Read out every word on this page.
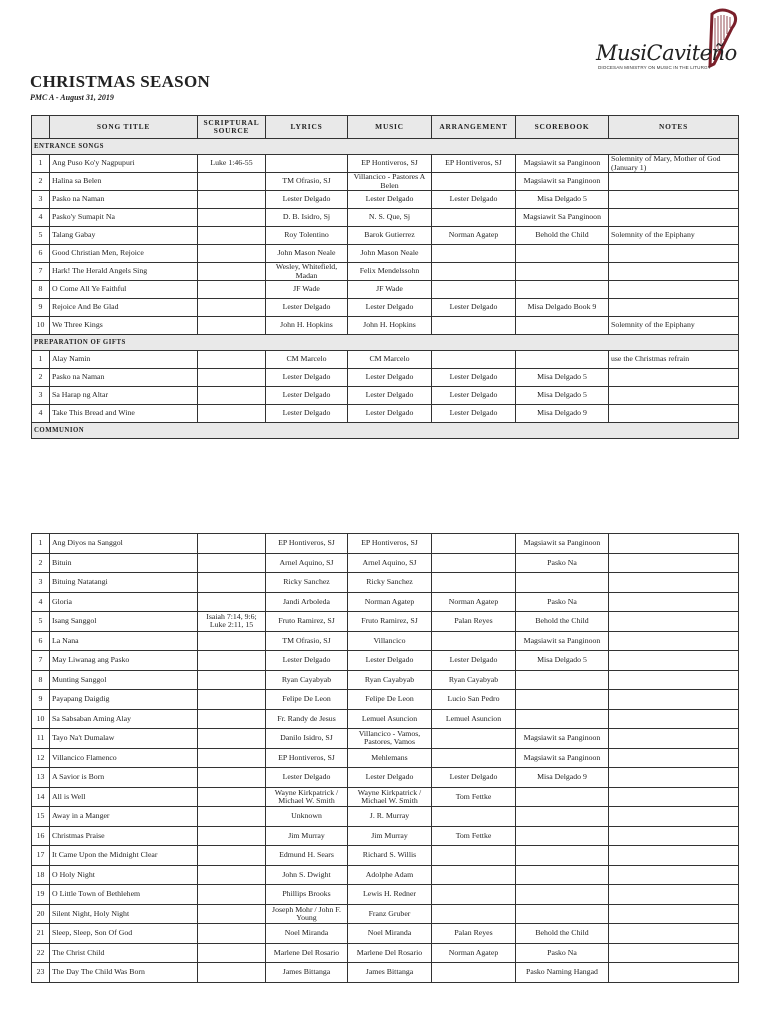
MusiCaviteño
DIOCESAN MINISTRY ON MUSIC IN THE LITURGY
CHRISTMAS SEASON
PMC A - August 31, 2019
	SONG TITLE	SCRIPTURAL SOURCE	LYRICS	MUSIC	ARRANGEMENT	SCOREBOOK	NOTES
ENTRANCE SONGS							
1	Ang Puso Ko'y Nagpupuri	Luke 1:46-55		EP Hontiveros, SJ	EP Hontiveros, SJ	Magsiawit sa Panginoon	Solemnity of Mary, Mother of God (January 1)
2	Halina sa Belen		TM Ofrasio, SJ	Villancico - Pastores A Belen		Magsiawit sa Panginoon	
3	Pasko na Naman		Lester Delgado	Lester Delgado	Lester Delgado	Misa Delgado 5	
4	Pasko'y Sumapit Na		D. B. Isidro, Sj	N. S. Que, Sj		Magsiawit Sa Panginoon	
5	Talang Gabay		Roy Tolentino	Barok Gutierrez	Norman Agatep	Behold the Child	Solemnity of the Epiphany
6	Good Christian Men, Rejoice		John Mason Neale	John Mason Neale			
7	Hark! The Herald Angels Sing		Wesley, Whitefield, Madan	Felix Mendelssohn			
8	O Come All Ye Faithful		JF Wade	JF Wade			
9	Rejoice And Be Glad		Lester Delgado	Lester Delgado	Lester Delgado	Misa Delgado Book 9	
10	We Three Kings		John H. Hopkins	John H. Hopkins			Solemnity of the Epiphany
PREPARATION OF GIFTS							
1	Alay Namin		CM Marcelo	CM Marcelo			use the Christmas refrain
2	Pasko na Naman		Lester Delgado	Lester Delgado	Lester Delgado	Misa Delgado 5	
3	Sa Harap ng Altar		Lester Delgado	Lester Delgado	Lester Delgado	Misa Delgado 5	
4	Take This Bread and Wine		Lester Delgado	Lester Delgado	Lester Delgado	Misa Delgado 9	
COMMUNION							
1	Ang Diyos na Sanggol		EP Hontiveros, SJ	EP Hontiveros, SJ		Magsiawit sa Panginoon	
2	Bituin		Arnel Aquino, SJ	Arnel Aquino, SJ		Pasko Na	
3	Bituing Natatangi		Ricky Sanchez	Ricky Sanchez			
4	Gloria		Jandi Arboleda	Norman Agatep	Norman Agatep	Pasko Na	
5	Isang Sanggol	Isaiah 7:14, 9:6; Luke 2:11, 15	Fruto Ramirez, SJ	Fruto Ramirez, SJ	Palan Reyes	Behold the Child	
6	La Nana		TM Ofrasio, SJ	Villancico		Magsiawit sa Panginoon	
7	May Liwanag ang Pasko		Lester Delgado	Lester Delgado	Lester Delgado	Misa Delgado 5	
8	Munting Sanggol		Ryan Cayabyab	Ryan Cayabyab	Ryan Cayabyab		
9	Payapang Daigdig		Felipe De Leon	Felipe De Leon	Lucio San Pedro		
10	Sa Sabsaban Aming Alay		Fr. Randy de Jesus	Lemuel Asuncion	Lemuel Asuncion		
11	Tayo Na't Dumalaw		Danilo Isidro, SJ	Villancico - Vamos, Pastores, Vamos		Magsiawit sa Panginoon	
12	Villancico Flamenco		EP Hontiveros, SJ	Mehlemans		Magsiawit sa Panginoon	
13	A Savior is Born		Lester Delgado	Lester Delgado	Lester Delgado	Misa Delgado 9	
14	All is Well		Wayne Kirkpatrick / Michael W. Smith	Wayne Kirkpatrick / Michael W. Smith	Tom Fettke		
15	Away in a Manger		Unknown	J. R. Murray			
16	Christmas Praise		Jim Murray	Jim Murray	Tom Fettke		
17	It Came Upon the Midnight Clear		Edmund H. Sears	Richard S. Willis			
18	O Holy Night		John S. Dwight	Adolphe Adam			
19	O Little Town of Bethlehem		Phillips Brooks	Lewis H. Redner			
20	Silent Night, Holy Night		Joseph Mohr / John F. Young	Franz Gruber			
21	Sleep, Sleep, Son Of God		Noel Miranda	Noel Miranda	Palan Reyes	Behold the Child	
22	The Christ Child		Marlene Del Rosario	Marlene Del Rosario	Norman Agatep	Pasko Na	
23	The Day The Child Was Born		James Bittanga	James Bittanga		Pasko Naming Hangad	
